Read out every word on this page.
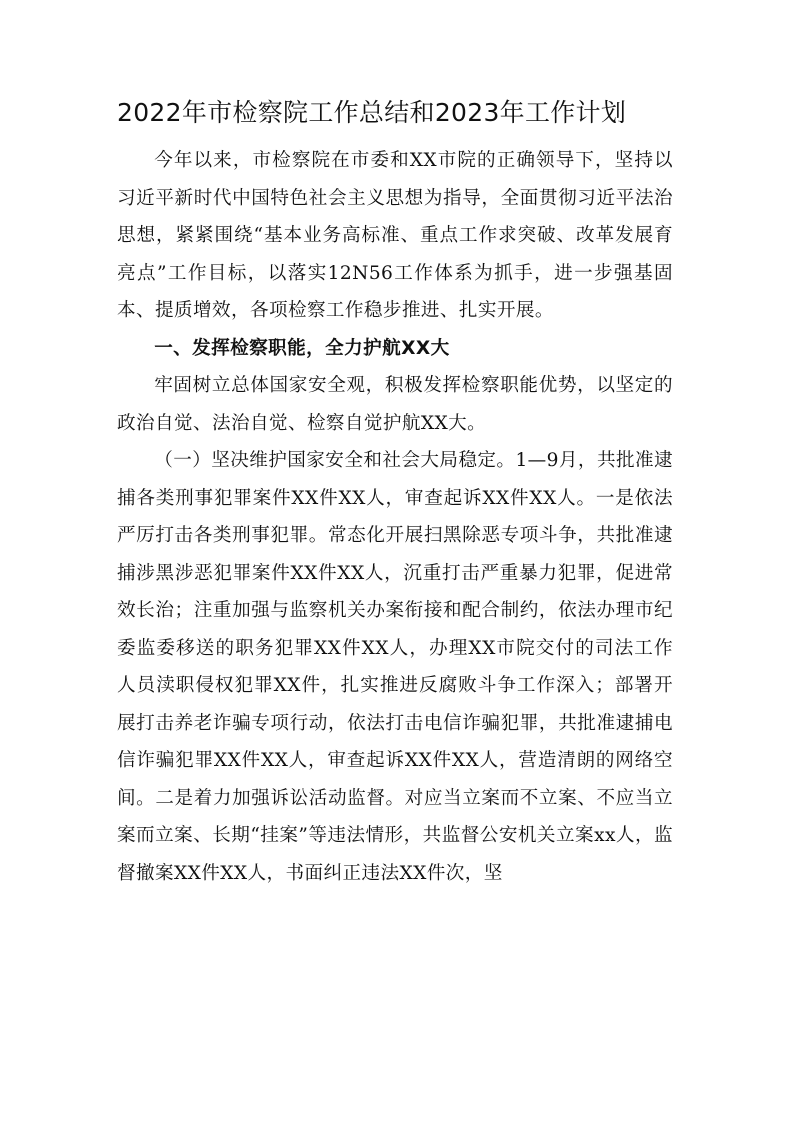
2022年市检察院工作总结和2023年工作计划

今年以来，市检察院在市委和XX市院的正确领导下，坚持以习近平新时代中国特色社会主义思想为指导，全面贯彻习近平法治思想，紧紧围绕“基本业务高标准、重点工作求突破、改革发展育亮点”工作目标，以落实12N56工作体系为抓手，进一步强基固本、提质增效，各项检察工作稳步推进、扎实开展。

一、发挥检察职能，全力护航XX大

牢固树立总体国家安全观，积极发挥检察职能优势，以坚定的政治自觉、法治自觉、检察自觉护航XX大。

（一）坚决维护国家安全和社会大局稳定。1—9月，共批准逮捕各类刑事犯罪案件XX件XX人，审查起诉XX件XX人。一是依法严厉打击各类刑事犯罪。常态化开展扫黑除恶专项斗争，共批准逮捕涉黑涉恶犯罪案件XX件XX人，沉重打击严重暴力犯罪，促进常效长治；注重加强与监察机关办案衔接和配合制约，依法办理市纪委监委移送的职务犯罪XX件XX人，办理XX市院交付的司法工作人员渎职侵权犯罪XX件，扎实推进反腐败斗争工作深入；部署开展打击养老诈骗专项行动，依法打击电信诈骗犯罪，共批准逮捕电信诈骗犯罪XX件XX人，审查起诉XX件XX人，营造清朗的网络空间。二是着力加强诉讼活动监督。对应当立案而不立案、不应当立案而立案、长期“挂案”等违法情形，共监督公安机关立案xx人，监督撤案XX件XX人，书面纠正违法XX件次，坚
